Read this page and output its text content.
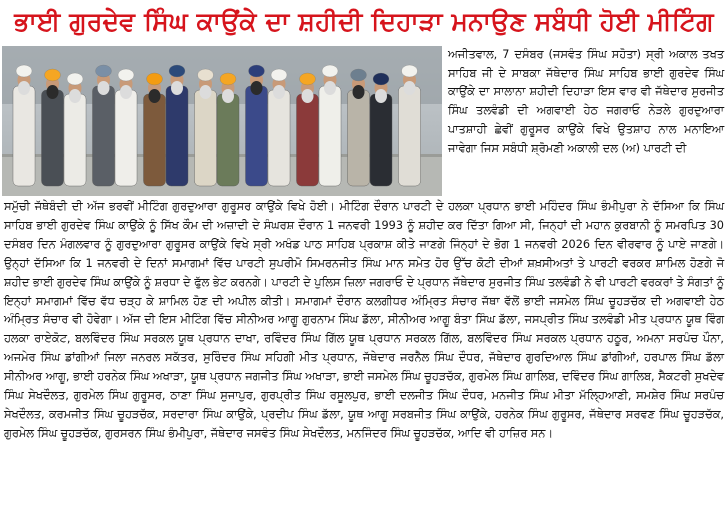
ਭਾਈ ਗੁਰਦੇਵ ਸਿੰਘ ਕਾਉਂਕੇ ਦਾ ਸ਼ਹੀਦੀ ਦਿਹਾੜਾ ਮਨਾਉਣ ਸਬੰਧੀ ਹੋਈ ਮੀਟਿੰਗ
ਅਜੀਤਵਾਲ, 7 ਦਸੰਬਰ (ਜਸਵੰਤ ਸਿੰਘ ਸਹੋਤਾ) ਸ੍ਰੀ ਅਕਾਲ ਤਖਤ ਸਾਹਿਬ ਜੀ ਦੇ ਸਾਬਕਾ ਜੱਥੇਦਾਰ ਸਿੰਘ ਸਾਹਿਬ ਭਾਈ ਗੁਰਦੇਵ ਸਿੰਘ ਕਾਉਂਕੇ ਦਾ ਸਾਲਾਨਾ ਸ਼ਹੀਦੀ ਦਿਹਾੜਾ ਇਸ ਵਾਰ ਵੀ ਜੱਥੇਦਾਰ ਸੁਰਜੀਤ ਸਿੰਘ ਤਲਵੰਡੀ ਦੀ ਅਗਵਾਈ ਹੇਠ ਜਗਰਾਓ ਨੇੜਲੇ ਗੁਰਦੁਆਰਾ ਪਾਤਸ਼ਾਹੀ ਛੇਵੀਂ ਗੁਰੂਸਰ ਕਾਉਂਕੇ ਵਿਖੇ ਉਤਸ਼ਾਹ ਨਾਲ ਮਨਾਇਆ ਜਾਵੇਗਾ ਜਿਸ ਸਬੰਧੀ ਸ਼੍ਰੋਮਣੀ ਅਕਾਲੀ ਦਲ (ਅ) ਪਾਰਟੀ ਦੀ
ਸਮੁੱਚੀ ਜੱਥੇਬੰਦੀ ਦੀ ਅੱਜ ਭਰਵੀਂ ਮੀਟਿੰਗ ਗੁਰਦੁਆਰਾ ਗੁਰੂਸਰ ਕਾਉਂਕੇ ਵਿਖੇ ਹੋਈ। ਮੀਟਿੰਗ ਦੌਰਾਨ ਪਾਰਟੀ ਦੇ ਹਲਕਾ ਪ੍ਰਧਾਨ ਭਾਈ ਮਹਿੰਦਰ ਸਿੰਘ ਭੰਮੀਪੁਰਾ ਨੇ ਦੱਸਿਆ ਕਿ ਸਿੰਘ ਸਾਹਿਬ ਭਾਈ ਗੁਰਦੇਵ ਸਿੰਘ ਕਾਉਂਕੇ ਨੂੰ ਸਿੱਖ ਕੌਮ ਦੀ ਅਜ਼ਾਦੀ ਦੇ ਸੰਘਰਸ਼ ਦੌਰਾਨ 1 ਜਨਵਰੀ 1993 ਨੂੰ ਸ਼ਹੀਦ ਕਰ ਦਿੱਤਾ ਗਿਆ ਸੀ, ਜਿਨ੍ਹਾਂ ਦੀ ਮਹਾਨ ਕੁਰਬਾਨੀ ਨੂੰ ਸਮਰਪਿਤ 30 ਦਸੰਬਰ ਦਿਨ ਮੰਗਲਵਾਰ ਨੂੰ ਗੁਰਦੁਆਰਾ ਗੁਰੂਸਰ ਕਾਉਂਕੇ ਵਿਖੇ ਸ੍ਰੀ ਅਖੰਡ ਪਾਠ ਸਾਹਿਬ ਪ੍ਰਕਾਸ਼ ਕੀਤੇ ਜਾਣਗੇ ਜਿੰਨ੍ਹਾਂ ਦੇ ਭੋਗ 1 ਜਨਵਰੀ 2026 ਦਿਨ ਵੀਰਵਾਰ ਨੂੰ ਪਾਏ ਜਾਣਗੇ। ਉਨ੍ਹਾਂ ਦੱਸਿਆ ਕਿ 1 ਜਨਵਰੀ ਦੇ ਦਿਨਾਂ ਸਮਾਗਮਾਂ ਵਿੱਚ ਪਾਰਟੀ ਸੁਪਰੀਮੋ ਸਿਮਰਨਜੀਤ ਸਿੰਘ ਮਾਨ ਸਮੇਤ ਹੋਰ ਉੱਚ ਕੋਟੀ ਦੀਆਂ ਸ਼ਖ਼ਸੀਅਤਾਂ ਤੇ ਪਾਰਟੀ ਵਰਕਰ ਸ਼ਾਮਿਲ ਹੋਣਗੇ ਜੋ ਸ਼ਹੀਦ ਭਾਈ ਗੁਰਦੇਵ ਸਿੰਘ ਕਾਉਂਕੇ ਨੂੰ ਸ਼ਰਧਾ ਦੇ ਫੁੱਲ ਭੇਟ ਕਰਨਗੇ। ਪਾਰਟੀ ਦੇ ਪੁਲਿਸ ਜ਼ਿਲਾ ਜਗਰਾਓ ਦੇ ਪ੍ਰਧਾਨ ਜੱਥੇਦਾਰ ਸੁਰਜੀਤ ਸਿੰਘ ਤਲਵੰਡੀ ਨੇ ਵੀ ਪਾਰਟੀ ਵਰਕਰਾਂ ਤੇ ਸੰਗਤਾਂ ਨੂੰ ਇਨ੍ਹਾਂ ਸਮਾਗਮਾਂ ਵਿੱਚ ਵੱਧ ਚੜ੍ਹ ਕੇ ਸ਼ਾਮਿਲ ਹੋਣ ਦੀ ਅਪੀਲ ਕੀਤੀ। ਸਮਾਗਮਾਂ ਦੌਰਾਨ ਕਲਗੀਧਰ ਅੰਮ੍ਰਿਤ ਸੰਚਾਰ ਜੱਥਾ ਵੱਲੋਂ ਭਾਈ ਜਸਮੇਲ ਸਿੰਘ ਚੂਹੜਚੱਕ ਦੀ ਅਗਵਾਈ ਹੇਠ ਅੰਮ੍ਰਿਤ ਸੰਚਾਰ ਵੀ ਹੋਵੇਗਾ। ਅੱਜ ਦੀ ਇਸ ਮੀਟਿੰਗ ਵਿੱਚ ਸੀਨੀਅਰ ਆਗੂ ਗੁਰਨਾਮ ਸਿੰਘ ਡੱਲਾ, ਸੀਨੀਅਰ ਆਗੂ ਬੰਤਾ ਸਿੰਘ ਡੱਲਾ, ਜਸਪ੍ਰੀਤ ਸਿੰਘ ਤਲਵੰਡੀ ਮੀਤ ਪ੍ਰਧਾਨ ਯੂਥ ਵਿੰਗ ਹਲਕਾ ਰਾਏਕੋਟ, ਬਲਵਿੰਦਰ ਸਿੰਘ ਸਰਕਲ ਯੂਥ ਪ੍ਰਧਾਨ ਦਾਖਾ, ਰਵਿੰਦਰ ਸਿੰਘ ਗਿੱਲ ਯੂਥ ਪ੍ਰਧਾਨ ਸਰਕਲ ਗਿੱਲ, ਬਲਵਿੰਦਰ ਸਿੰਘ ਸਰਕਲ ਪ੍ਰਧਾਨ ਹਠੂਰ, ਅਮਨਾ ਸਰਪੰਚ ਪੌਨਾ, ਅਜਮੇਰ ਸਿੰਘ ਡਾਂਗੀਆਂ ਜਿਲਾ ਜਨਰਲ ਸਕੱਤਰ, ਸੁਰਿੰਦਰ ਸਿੰਘ ਸਹਿਗੀ ਮੀਤ ਪ੍ਰਧਾਨ, ਜੱਥੇਦਾਰ ਜਰਨੈਲ ਸਿੰਘ ਦੌਧਰ, ਜੱਥੇਦਾਰ ਗੁਰਦਿਆਲ ਸਿੰਘ ਡਾਂਗੀਆਂ, ਹਰਪਾਲ ਸਿੰਘ ਡੱਲਾ ਸੀਨੀਅਰ ਆਗੂ, ਭਾਈ ਹਰਨੇਕ ਸਿੰਘ ਅਖਾੜਾ, ਯੂਥ ਪ੍ਰਧਾਨ ਜਗਜੀਤ ਸਿੰਘ ਅਖਾੜਾ, ਭਾਈ ਜਸਮੇਲ ਸਿੰਘ ਚੂਹੜਚੱਕ, ਗੁਰਮੇਲ ਸਿੰਘ ਗਾਲਿਬ, ਦਵਿੰਦਰ ਸਿੰਘ ਗਾਲਿਬ, ਸੈਕਟਰੀ ਸੁਖਦੇਵ ਸਿੰਘ ਸੇਖਦੌਲਤ, ਗੁਰਮੇਲ ਸਿੰਘ ਗੁਰੂਸਰ, ਠਾਣਾ ਸਿੰਘ ਸੁਜਾਪੁਰ, ਗੁਰਪ੍ਰੀਤ ਸਿੰਘ ਰਸੂਲਪੁਰ, ਭਾਈ ਦਲਜੀਤ ਸਿੰਘ ਦੌਧਰ, ਮਨਜੀਤ ਸਿੰਘ ਮੀਤਾ ਮੱਲ੍ਹਿਆਣੀ, ਸਮਸ਼ੇਰ ਸਿੰਘ ਸਰਪੰਚ ਸੇਖਦੌਲਤ, ਕਰਮਜੀਤ ਸਿੰਘ ਚੂਹੜਚੱਕ, ਸਰਦਾਰਾ ਸਿੰਘ ਕਾਉਂਕੇ, ਪ੍ਰਦੀਪ ਸਿੰਘ ਡੱਲਾ, ਯੂਥ ਆਗੂ ਸਰਬਜੀਤ ਸਿੰਘ ਕਾਉਂਕੇ, ਹਰਨੇਕ ਸਿੰਘ ਗੁਰੂਸਰ, ਜੱਥੇਦਾਰ ਸਰਵਣ ਸਿੰਘ ਚੂਹੜਚੱਕ, ਗੁਰਮੇਲ ਸਿੰਘ ਚੂਹੜਚੱਕ, ਗੁਰਸਰਨ ਸਿੰਘ ਭੰਮੀਪੁਰਾ, ਜੱਥੇਦਾਰ ਜਸਵੰਤ ਸਿੰਘ ਸੇਖਦੌਲਤ, ਮਨਜਿੰਦਰ ਸਿੰਘ ਚੂਹੜਚੱਕ, ਆਦਿ ਵੀ ਹਾਜ਼ਿਰ ਸਨ।
